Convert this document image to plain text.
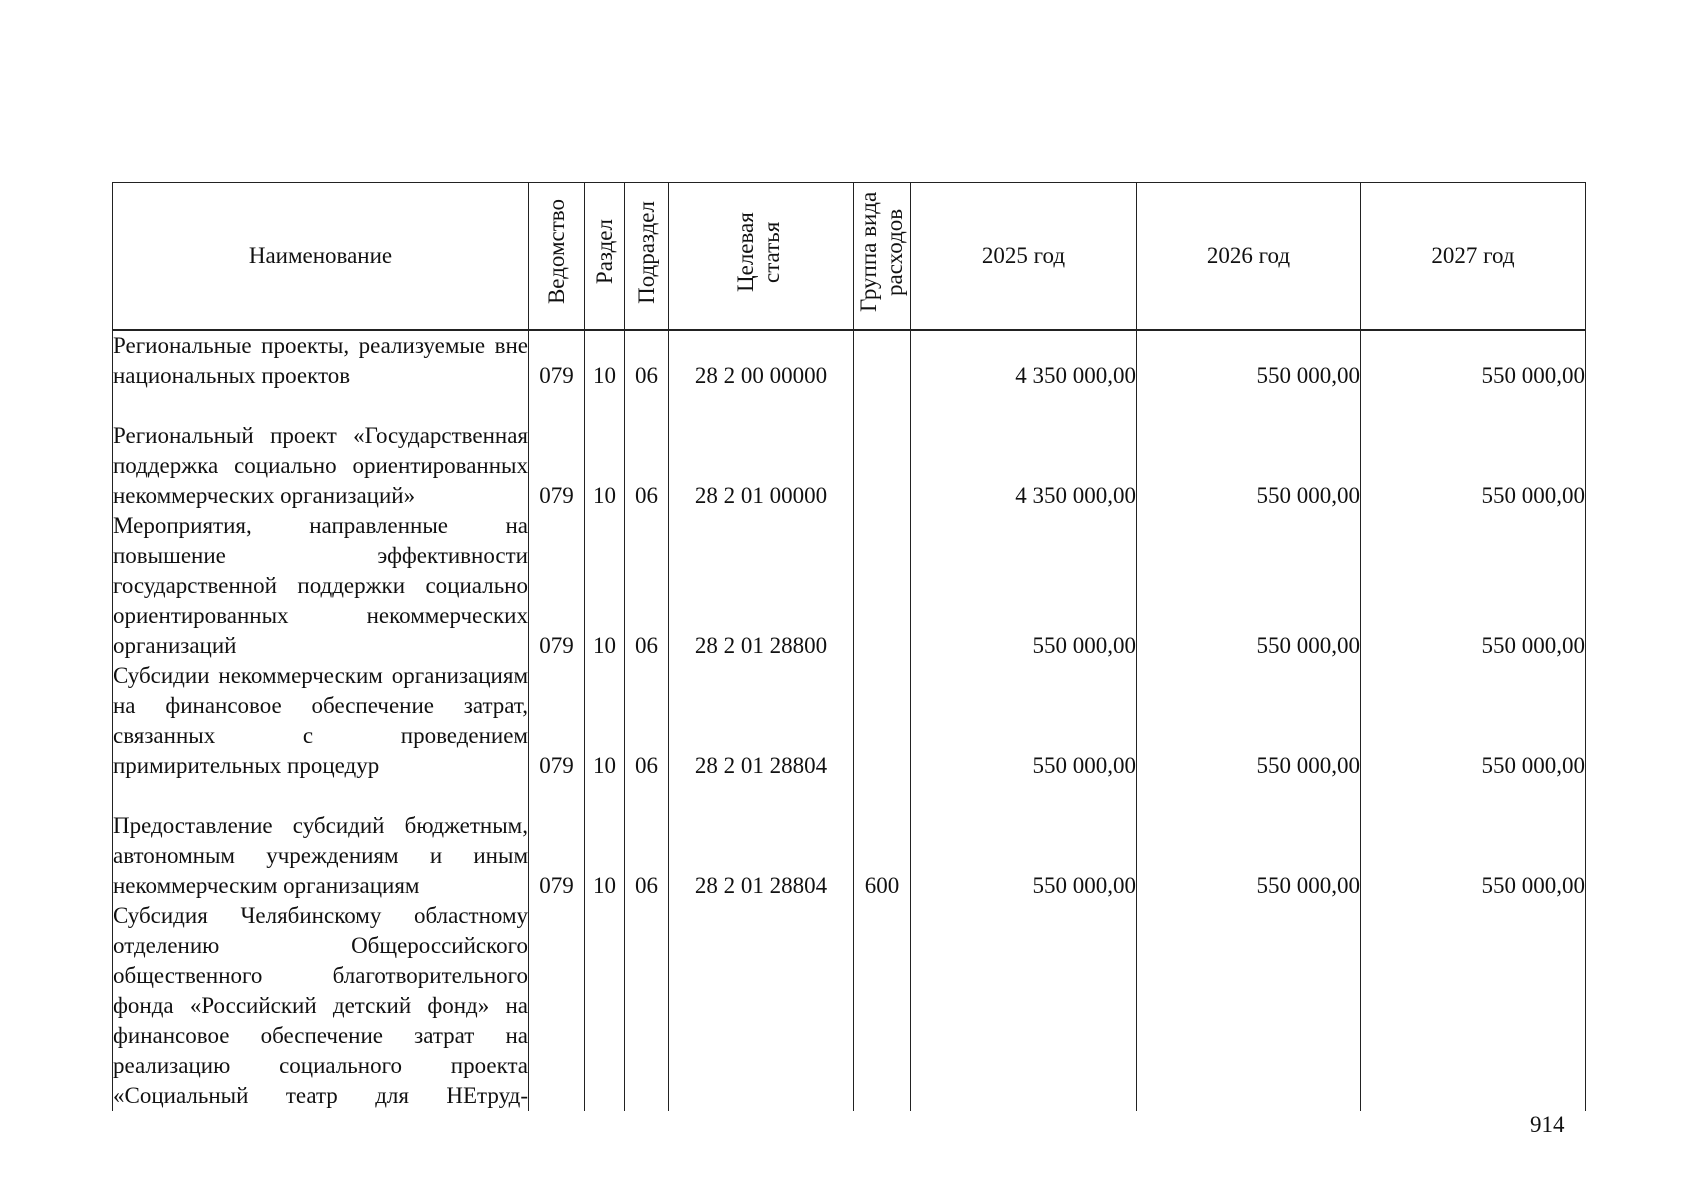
Наименование	Ведомство	Раздел	Подраздел	Целевая статья	Группа вида расходов	2025 год	2026 год	2027 год
Региональные проекты, реализуемые вне национальных проектов	079	10	06	28 2 00 00000		4 350 000,00	550 000,00	550 000,00
Региональный проект «Государственная поддержка социально ориентированных некоммерческих организаций»	079	10	06	28 2 01 00000		4 350 000,00	550 000,00	550 000,00
Мероприятия, направленные на повышение эффективности государственной поддержки социально ориентированных некоммерческих организаций	079	10	06	28 2 01 28800		550 000,00	550 000,00	550 000,00
Субсидии некоммерческим организациям на финансовое обеспечение затрат, связанных с проведением примирительных процедур	079	10	06	28 2 01 28804		550 000,00	550 000,00	550 000,00
Предоставление субсидий бюджетным, автономным учреждениям и иным некоммерческим организациям	079	10	06	28 2 01 28804	600	550 000,00	550 000,00	550 000,00
Субсидия Челябинскому областному отделению Общероссийского общественного благотворительного фонда «Российский детский фонд» на финансовое обеспечение затрат на реализацию социального проекта «Социальный театр для НЕтруд-								
914
